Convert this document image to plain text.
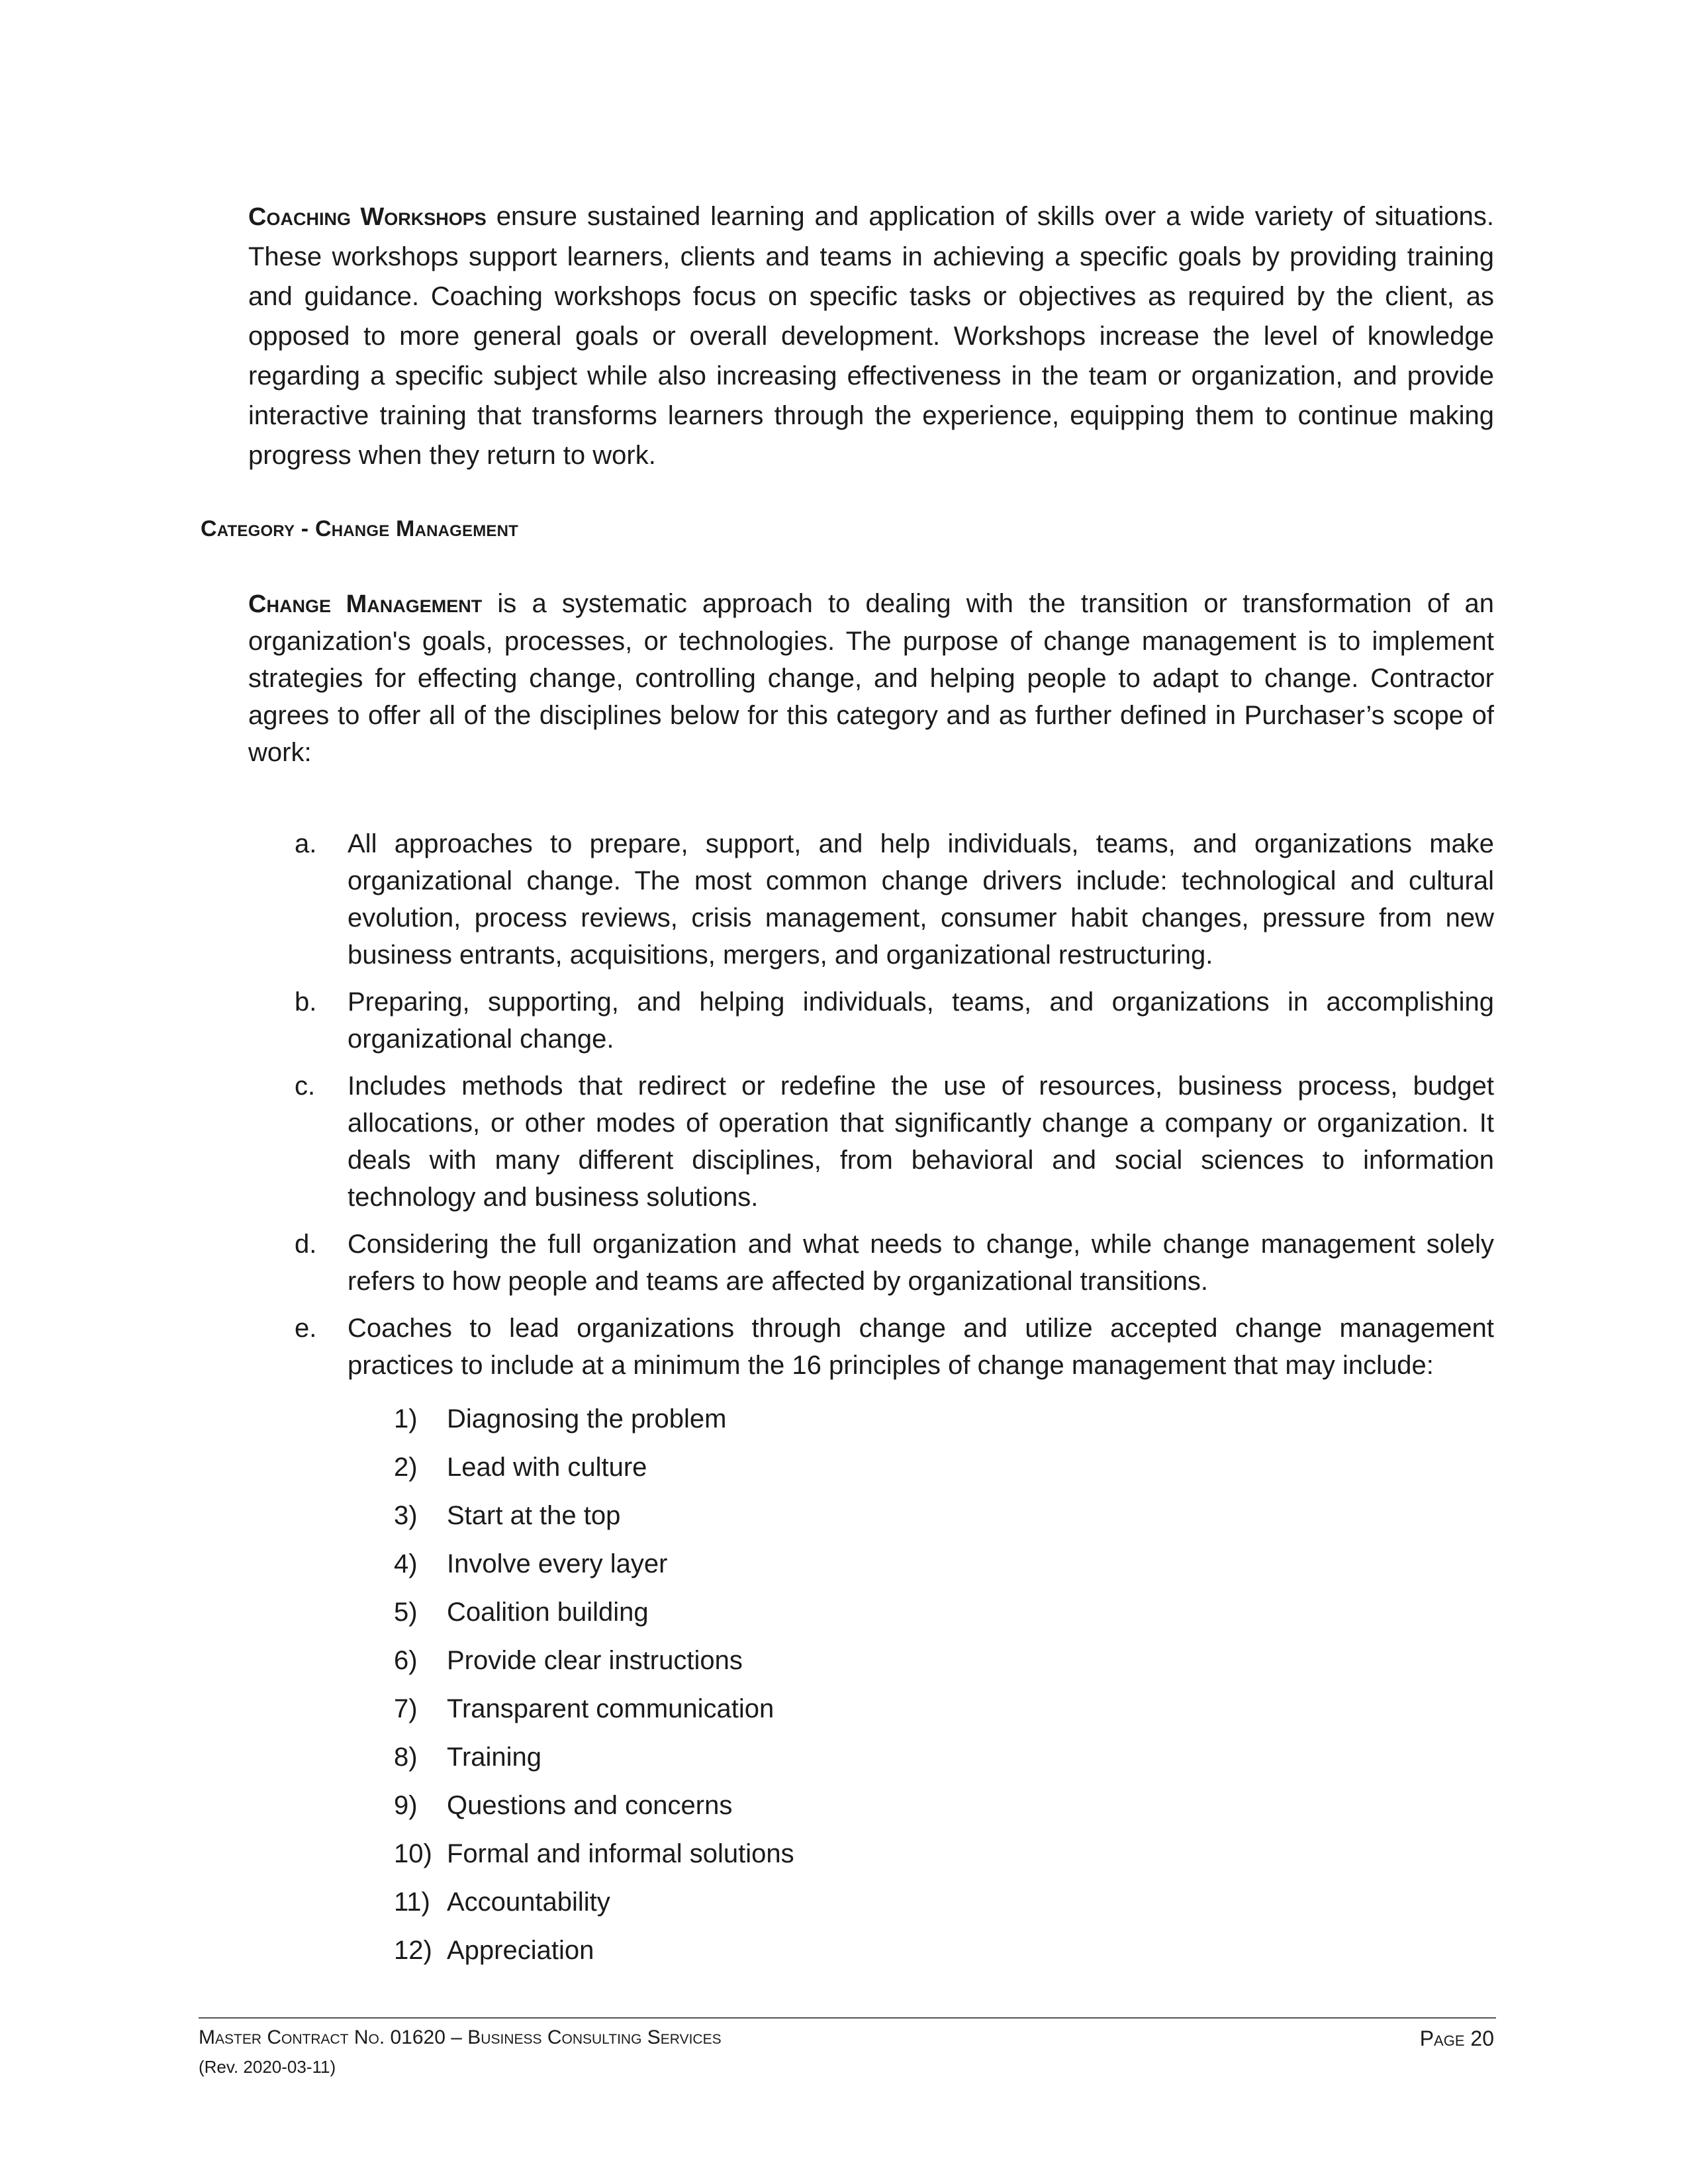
Coaching Workshops ensure sustained learning and application of skills over a wide variety of situations. These workshops support learners, clients and teams in achieving a specific goals by providing training and guidance. Coaching workshops focus on specific tasks or objectives as required by the client, as opposed to more general goals or overall development. Workshops increase the level of knowledge regarding a specific subject while also increasing effectiveness in the team or organization, and provide interactive training that transforms learners through the experience, equipping them to continue making progress when they return to work.

Category - Change Management

Change Management is a systematic approach to dealing with the transition or transformation of an organization's goals, processes, or technologies. The purpose of change management is to implement strategies for effecting change, controlling change, and helping people to adapt to change. Contractor agrees to offer all of the disciplines below for this category and as further defined in Purchaser’s scope of work:

a. All approaches to prepare, support, and help individuals, teams, and organizations make organizational change. The most common change drivers include: technological and cultural evolution, process reviews, crisis management, consumer habit changes, pressure from new business entrants, acquisitions, mergers, and organizational restructuring.
b. Preparing, supporting, and helping individuals, teams, and organizations in accomplishing organizational change.
c. Includes methods that redirect or redefine the use of resources, business process, budget allocations, or other modes of operation that significantly change a company or organization. It deals with many different disciplines, from behavioral and social sciences to information technology and business solutions.
d. Considering the full organization and what needs to change, while change management solely refers to how people and teams are affected by organizational transitions.
e. Coaches to lead organizations through change and utilize accepted change management practices to include at a minimum the 16 principles of change management that may include:
1) Diagnosing the problem
2) Lead with culture
3) Start at the top
4) Involve every layer
5) Coalition building
6) Provide clear instructions
7) Transparent communication
8) Training
9) Questions and concerns
10) Formal and informal solutions
11) Accountability
12) Appreciation
Master Contract No. 01620 – Business Consulting Services
(Rev. 2020-03-11)
Page 20
